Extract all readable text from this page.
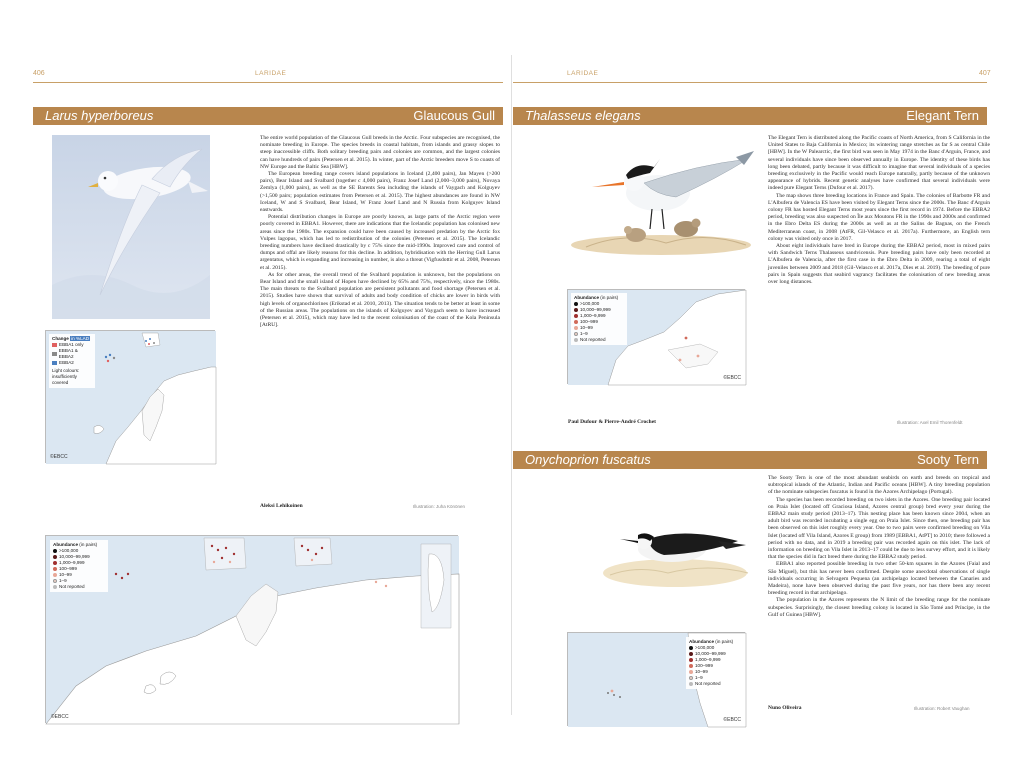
406	LARIDAE
Larus hyperboreus	Glaucous Gull

The entire world population of the Glaucous Gull breeds in the Arctic. Four subspecies are recognised, the nominate breeding in Europe. The species breeds in coastal habitats, from islands and grassy slopes to steep inaccessible cliffs. Both solitary breeding pairs and colonies are common, and the largest colonies can have hundreds of pairs (Petersen et al. 2015). In winter, part of the Arctic breeders move S to coasts of NW Europe and the Baltic Sea [HBW].

The European breeding range covers island populations in Iceland (2,400 pairs), Jan Mayen (>200 pairs), Bear Island and Svalbard (together c 4,000 pairs), Franz Josef Land (2,000–3,000 pairs), Novaya Zemlya (1,000 pairs), as well as the SE Barents Sea including the islands of Vaygach and Kolguyev (>1,500 pairs; population estimates from Petersen et al. 2015). The highest abundances are found in NW Iceland, W and S Svalbard, Bear Island, W Franz Josef Land and N Russia from Kolguyev Island eastwards.

Potential distribution changes in Europe are poorly known, as large parts of the Arctic region were poorly covered in EBBA1. However, there are indications that the Icelandic population has colonised new areas since the 1980s. The expansion could have been caused by increased predation by the Arctic fox Vulpes lagopus, which has led to redistribution of the colonies (Petersen et al. 2015). The Icelandic breeding numbers have declined drastically by c 75% since the mid-1990s. Improved care and control of dumps and offal are likely reasons for this decline. In addition, hybridisation with the Herring Gull Larus argentatus, which is expanding and increasing in number, is also a threat (Vigfusdottir et al. 2008, Petersen et al. 2015).

As for other areas, the overall trend of the Svalbard population is unknown, but the populations on Bear Island and the small island of Hopen have declined by 65% and 75%, respectively, since the 1980s. The main threats to the Svalbard population are persistent pollutants and food shortage (Petersen et al. 2015). Studies have shown that survival of adults and body condition of chicks are lower in birds with high levels of organochlorines (Erikstad et al. 2010, 2013). The situation tends to be better at least in some of the Russian areas. The populations on the islands of Kolguyev and Vaygach seem to have increased (Petersen et al. 2015), which may have led to the recent colonisation of the coast of the Kola Peninsula [AtRU].

Change in %LAD
EBBA1 only
EBBA1 & EBBA2
EBBA2
Light colours: insufficiently covered
©EBCC
Aleksi Lehikoinen	Illustration: Juha Könönen
Abundance (in pairs)
>100,000
10,000–99,999
1,000–9,999
100–999
10–99
1–9
Not reported
©EBCC
LARIDAE	407
Thalasseus elegans	Elegant Tern

The Elegant Tern is distributed along the Pacific coasts of North America, from S California in the United States to Baja California in Mexico; its wintering range stretches as far S as central Chile [HBW]. In the W Palearctic, the first bird was seen in May 1974 in the Banc d'Arguin, France, and several individuals have since been observed annually in Europe. The identity of these birds has long been debated, partly because it was difficult to imagine that several individuals of a species breeding exclusively in the Pacific would reach Europe naturally, partly because of the unknown appearance of hybrids. Recent genetic analyses have confirmed that several individuals were indeed pure Elegant Terns (Dufour et al. 2017).

The map shows three breeding locations in France and Spain. The colonies of Barbotte FR and L'Albufera de Valencia ES have been visited by Elegant Terns since the 2000s. The Banc d'Arguin colony FR has hosted Elegant Terns most years since the first record in 1974. Before the EBBA2 period, breeding was also suspected on Île aux Moutons FR in the 1990s and 2000s and confirmed in the Ebro Delta ES during the 2000s as well as at the Salins de Bagnas, on the French Mediterranean coast, in 2008 (AtFR, Gil-Velasco et al. 2017a). Furthermore, an English tern colony was visited only once in 2017.

About eight individuals have bred in Europe during the EBBA2 period, most in mixed pairs with Sandwich Terns Thalasseus sandvicensis. Pure breeding pairs have only been recorded at L'Albufera de Valencia, after the first case in the Ebro Delta in 2009, rearing a total of eight juveniles between 2009 and 2018 (Gil-Velasco et al. 2017a, Dies et al. 2019). The breeding of pure pairs in Spain suggests that seabird vagrancy facilitates the colonisation of new breeding areas over long distances.

Abundance (in pairs)
>100,000
10,000–99,999
1,000–9,999
100–999
10–99
1–9
Not reported
©EBCC
Paul Dufour & Pierre-André Crochet	Illustration: Axel Emil Thorenfeldt
Onychoprion fuscatus	Sooty Tern

The Sooty Tern is one of the most abundant seabirds on earth and breeds on tropical and subtropical islands of the Atlantic, Indian and Pacific oceans [HBW]. A tiny breeding population of the nominate subspecies fuscatus is found in the Azores Archipelago (Portugal).

The species has been recorded breeding on two islets in the Azores. One breeding pair located on Praia Islet (located off Graciosa Island, Azores central group) bred every year during the EBBA2 main study period (2013–17). This nesting place has been known since 2004, when an adult bird was recorded incubating a single egg on Praia Islet. Since then, one breeding pair has been observed on this islet roughly every year. One to two pairs were confirmed breeding on Vila Islet (located off Vila Island, Azores E group) from 1989 [EBBA1, AtPT] to 2010; there followed a period with no data, and in 2019 a breeding pair was recorded again on this islet. The lack of information on breeding on Vila Islet in 2013–17 could be due to less survey effort, and it is likely that the species did in fact breed there during the EBBA2 study period.

EBBA1 also reported possible breeding in two other 50-km squares in the Azores (Faial and São Miguel), but this has never been confirmed. Despite some anecdotal observations of single individuals occurring in Selvagem Pequena (an archipelago located between the Canaries and Madeira), none have been observed during the past five years, nor has there been any recent breeding record in that archipelago.

The population in the Azores represents the N limit of the breeding range for the nominate subspecies. Surprisingly, the closest breeding colony is located in São Tomé and Príncipe, in the Gulf of Guinea [HBW].

Abundance (in pairs)
>100,000
10,000–99,999
1,000–9,999
100–999
10–99
1–9
Not reported
©EBCC
Nuno Oliveira	Illustration: Robert Vaughan
